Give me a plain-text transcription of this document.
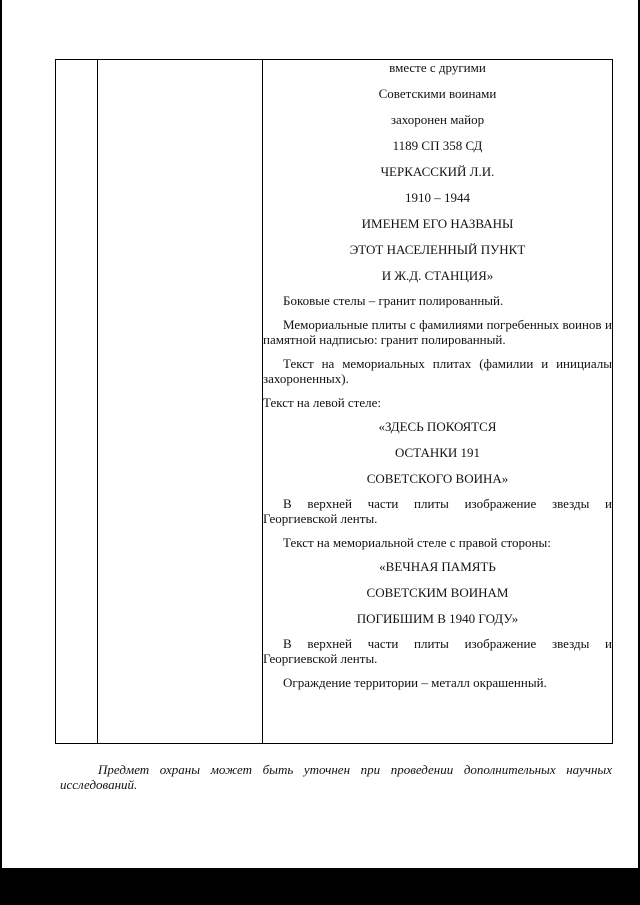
вместе с другими

Советскими воинами

захоронен майор

1189 СП 358 СД

ЧЕРКАССКИЙ Л.И.

1910 – 1944

ИМЕНЕМ ЕГО НАЗВАНЫ

ЭТОТ НАСЕЛЕННЫЙ ПУНКТ

И Ж.Д. СТАНЦИЯ»

Боковые стелы – гранит полированный.

Мемориальные плиты с фамилиями погребенных воинов и памятной надписью: гранит полированный.

Текст на мемориальных плитах (фамилии и инициалы захороненных).

Текст на левой стеле:

«ЗДЕСЬ ПОКОЯТСЯ

ОСТАНКИ 191

СОВЕТСКОГО ВОИНА»

В верхней части плиты изображение звезды и Георгиевской ленты.

Текст на мемориальной стеле с правой стороны:

«ВЕЧНАЯ ПАМЯТЬ

СОВЕТСКИМ ВОИНАМ

ПОГИБШИМ В 1940 ГОДУ»

В верхней части плиты изображение звезды и Георгиевской ленты.

Ограждение территории – металл окрашенный.

Предмет охраны может быть уточнен при проведении дополнительных научных исследований.
